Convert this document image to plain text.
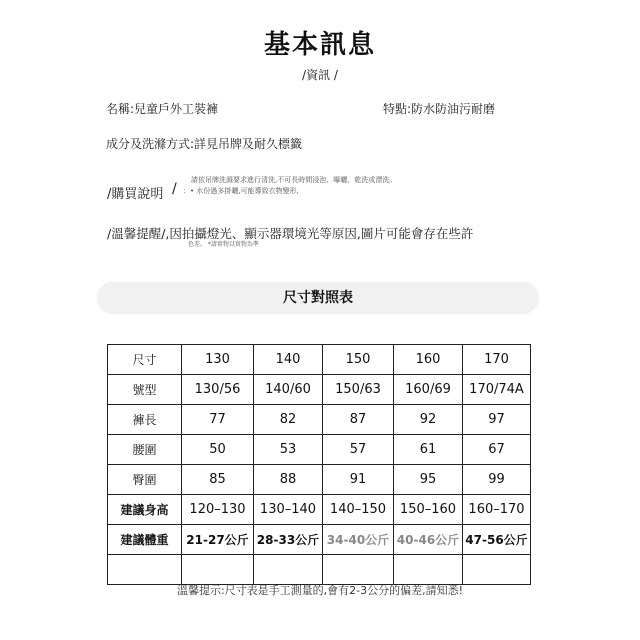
基本訊息
/資訊 /
名稱:兒童戶外工裝褲	特點:防水防油污耐磨
成分及洗滌方式:詳見吊牌及耐久標籤
/購買說明 /
請依吊牌洗滌要求進行清洗,不可長時間浸泡、曝曬、乾洗或漂洗。
：• 水份過多掛曬,可能導致衣物變形,
/溫馨提醒/,因拍攝燈光、顯示器環境光等原因,圖片可能會存在些許
色差。 *請實物以實物為準
尺寸對照表
尺寸	130	140	150	160	170
號型	130/56	140/60	150/63	160/69	170/74A
褲長	77	82	87	92	97
腰圍	50	53	57	61	67
臀圍	85	88	91	95	99
建議身高	120–130	130–140	140–150	150–160	160–170
建議體重	21-27公斤	28-33公斤	34-40公斤	40-46公斤	47-56公斤

溫馨提示:尺寸表是手工測量的,會有2-3公分的偏差,請知悉!
